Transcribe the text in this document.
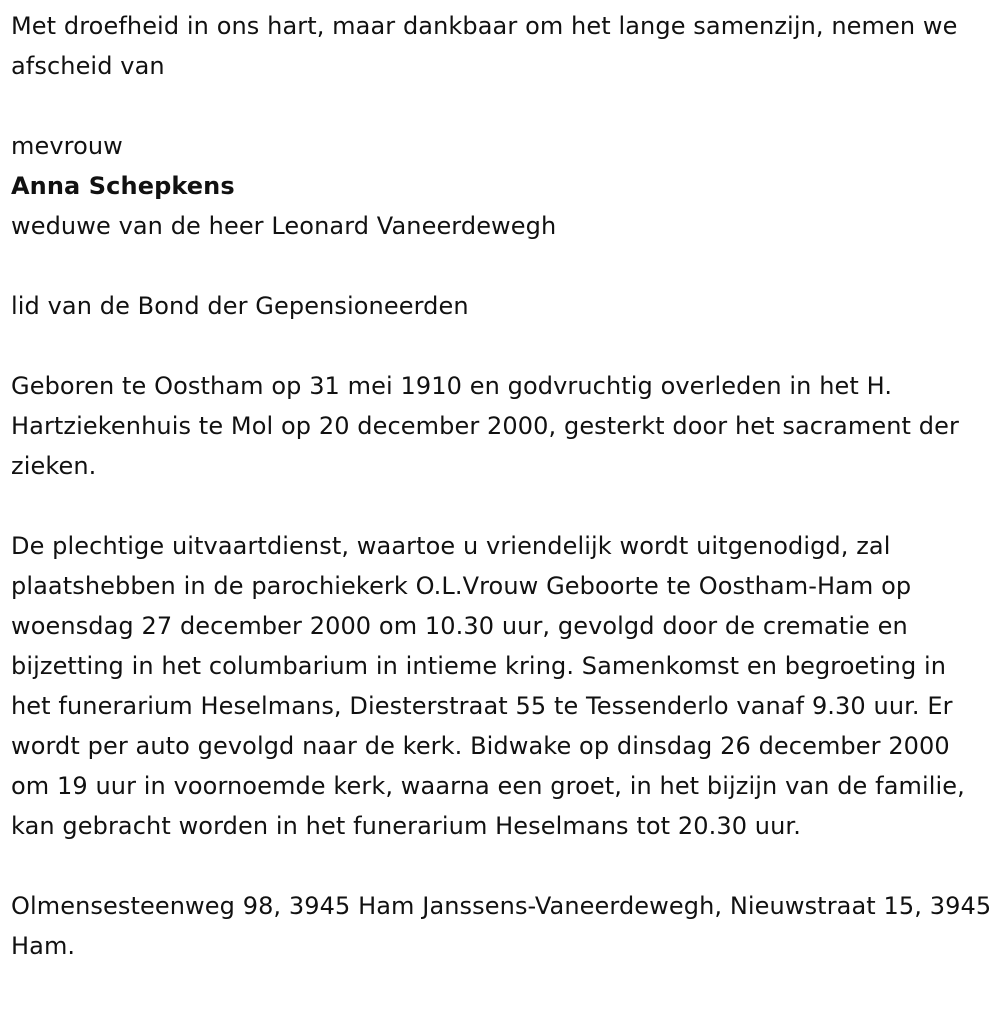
Met droefheid in ons hart, maar dankbaar om het lange samenzijn, nemen we afscheid van

mevrouw

Anna Schepkens

weduwe van de heer Leonard Vaneerdewegh

lid van de Bond der Gepensioneerden

Geboren te Oostham op 31 mei 1910 en godvruchtig overleden in het H. Hartziekenhuis te Mol op 20 december 2000, gesterkt door het sacrament der zieken.

De plechtige uitvaartdienst, waartoe u vriendelijk wordt uitgenodigd, zal plaatshebben in de parochiekerk O.L.Vrouw Geboorte te Oostham-Ham op woensdag 27 december 2000 om 10.30 uur, gevolgd door de crematie en bijzetting in het columbarium in intieme kring. Samenkomst en begroeting in het funerarium Heselmans, Diesterstraat 55 te Tessenderlo vanaf 9.30 uur. Er wordt per auto gevolgd naar de kerk. Bidwake op dinsdag 26 december 2000 om 19 uur in voornoemde kerk, waarna een groet, in het bijzijn van de familie, kan gebracht worden in het funerarium Heselmans tot 20.30 uur.

Olmensesteenweg 98, 3945 Ham Janssens-Vaneerdewegh, Nieuwstraat 15, 3945 Ham.
